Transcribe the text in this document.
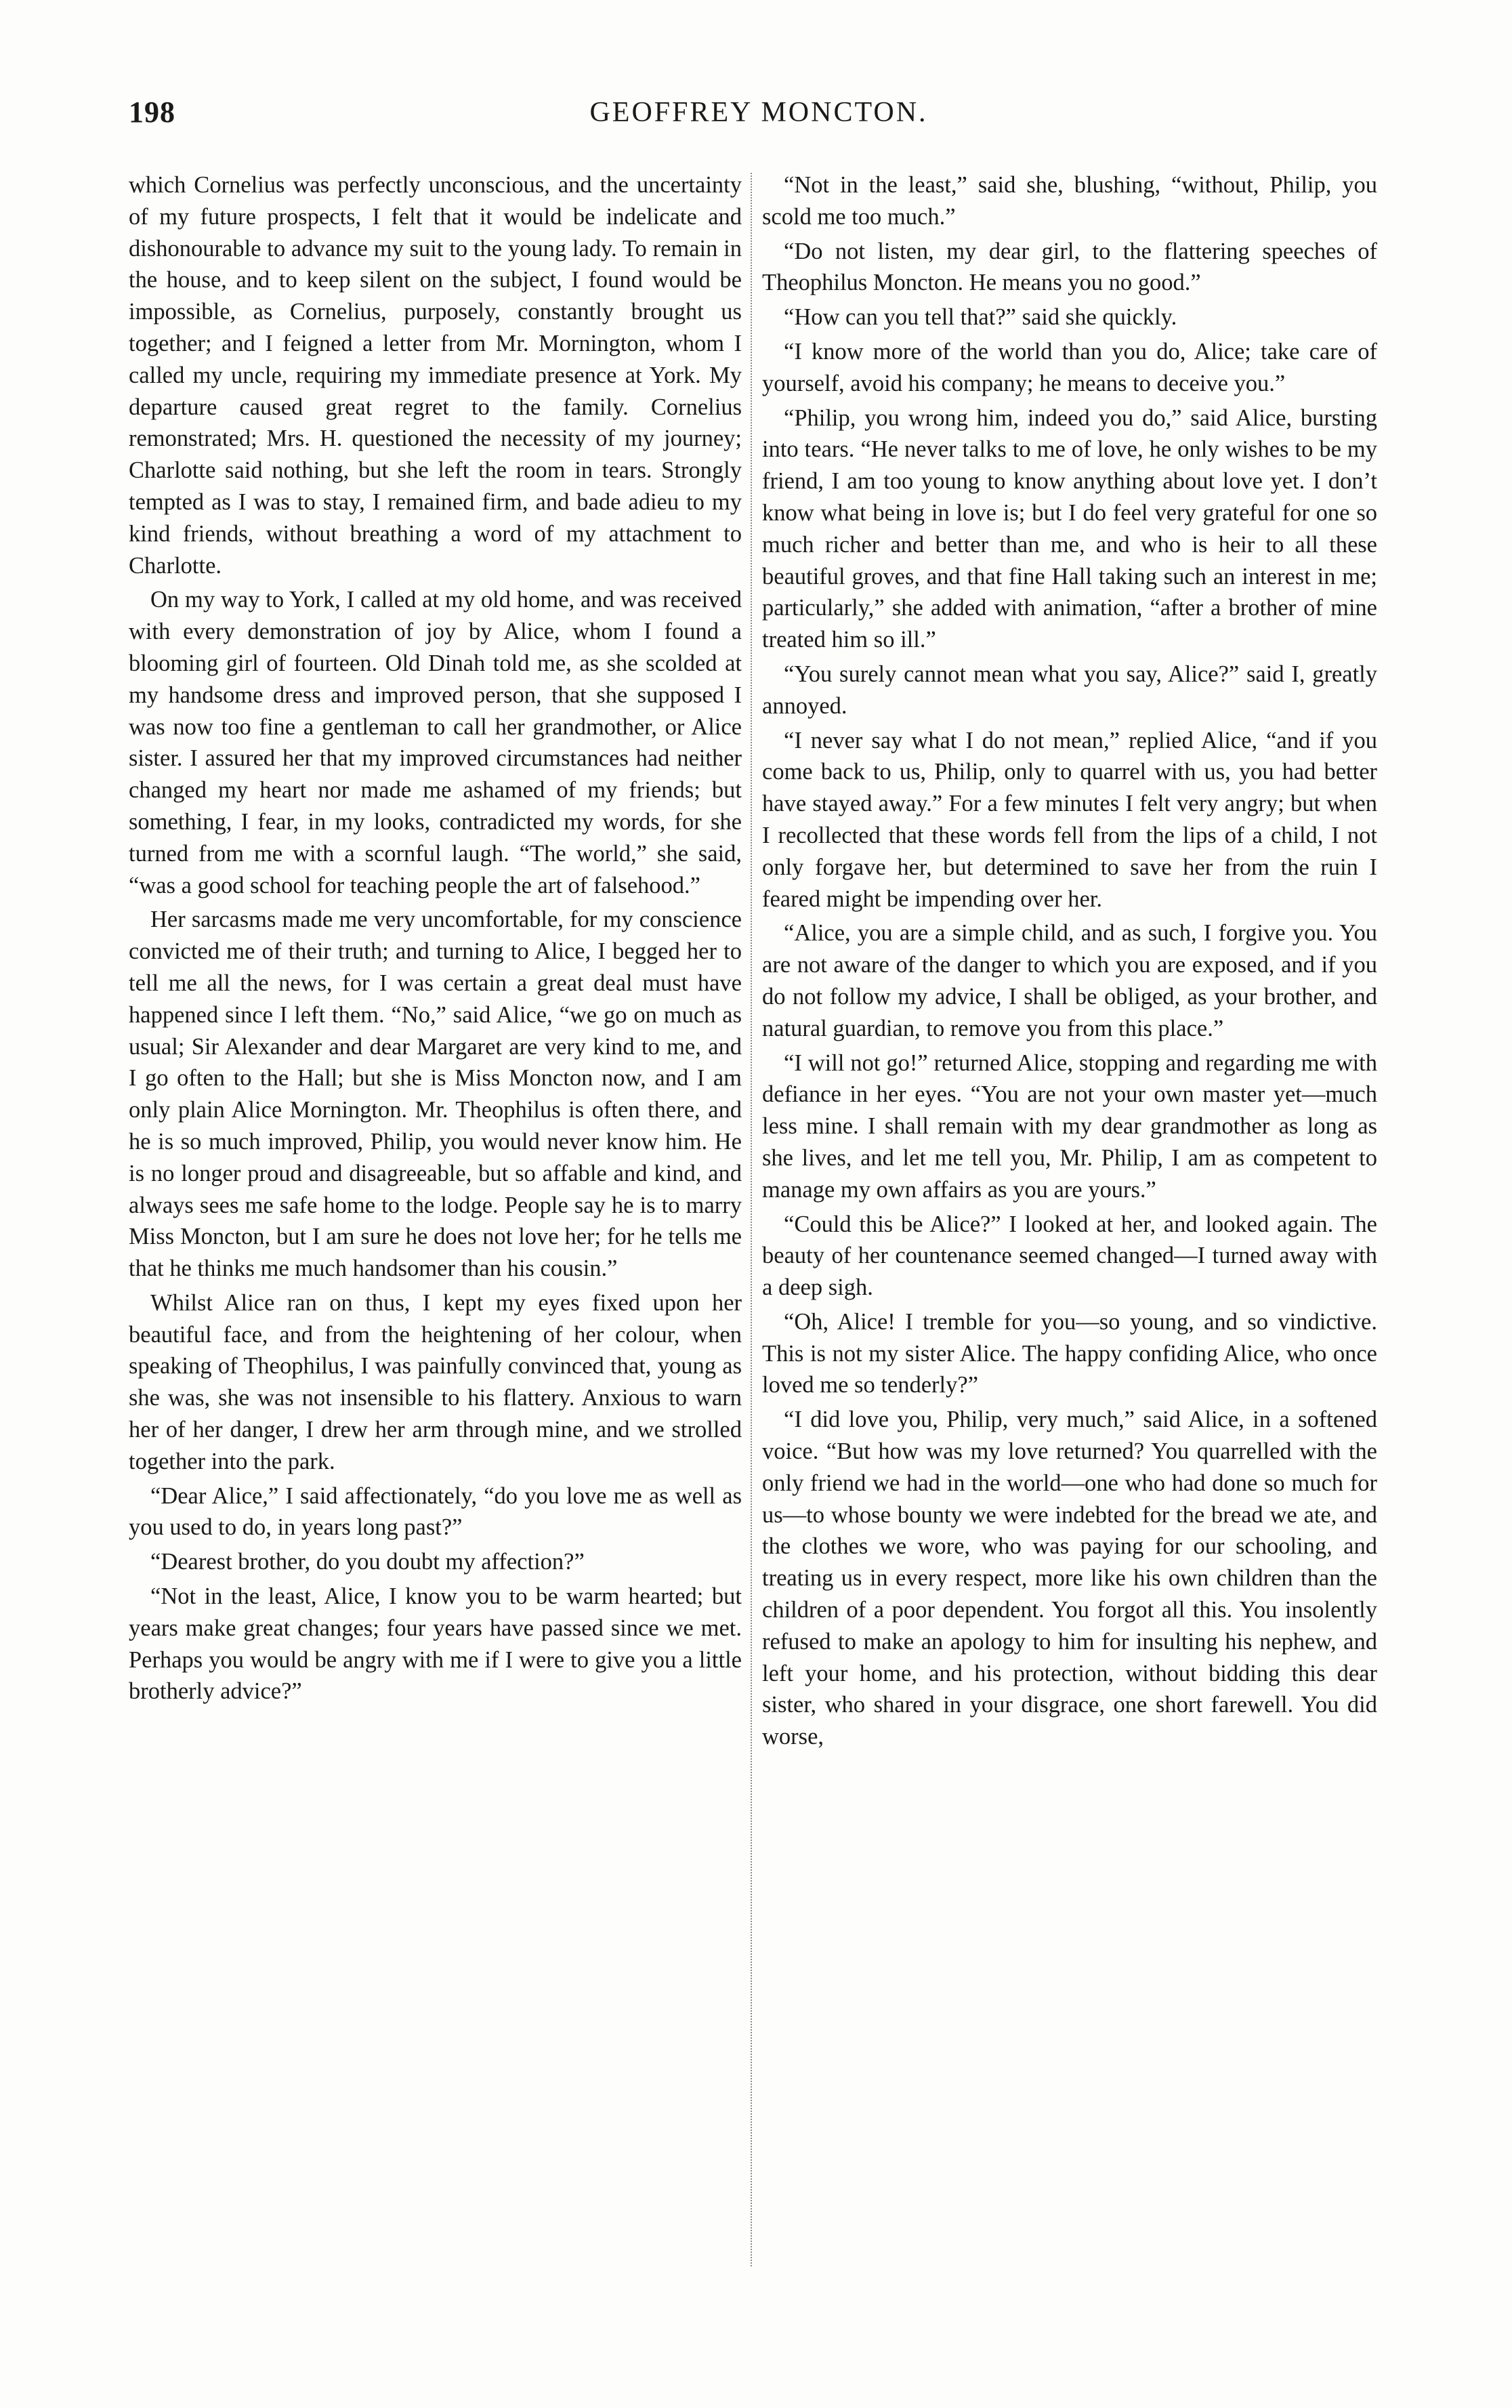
198	GEOFFREY MONCTON.

which Cornelius was perfectly unconscious, and the uncertainty of my future prospects, I felt that it would be indelicate and dishonourable to advance my suit to the young lady. To remain in the house, and to keep silent on the subject, I found would be impossible, as Cornelius, purposely, constantly brought us together; and I feigned a letter from Mr. Mornington, whom I called my uncle, requiring my immediate presence at York. My departure caused great regret to the family. Cornelius remonstrated; Mrs. H. questioned the necessity of my journey; Charlotte said nothing, but she left the room in tears. Strongly tempted as I was to stay, I remained firm, and bade adieu to my kind friends, without breathing a word of my attachment to Charlotte.

On my way to York, I called at my old home, and was received with every demonstration of joy by Alice, whom I found a blooming girl of fourteen. Old Dinah told me, as she scolded at my handsome dress and improved person, that she supposed I was now too fine a gentleman to call her grandmother, or Alice sister. I assured her that my improved circumstances had neither changed my heart nor made me ashamed of my friends; but something, I fear, in my looks, contradicted my words, for she turned from me with a scornful laugh. “The world,” she said, “was a good school for teaching people the art of falsehood.”

Her sarcasms made me very uncomfortable, for my conscience convicted me of their truth; and turning to Alice, I begged her to tell me all the news, for I was certain a great deal must have happened since I left them. “No,” said Alice, “we go on much as usual; Sir Alexander and dear Margaret are very kind to me, and I go often to the Hall; but she is Miss Moncton now, and I am only plain Alice Mornington. Mr. Theophilus is often there, and he is so much improved, Philip, you would never know him. He is no longer proud and disagreeable, but so affable and kind, and always sees me safe home to the lodge. People say he is to marry Miss Moncton, but I am sure he does not love her; for he tells me that he thinks me much handsomer than his cousin.”

Whilst Alice ran on thus, I kept my eyes fixed upon her beautiful face, and from the heightening of her colour, when speaking of Theophilus, I was painfully convinced that, young as she was, she was not insensible to his flattery. Anxious to warn her of her danger, I drew her arm through mine, and we strolled together into the park.

“Dear Alice,” I said affectionately, “do you love me as well as you used to do, in years long past?”

“Dearest brother, do you doubt my affection?”

“Not in the least, Alice, I know you to be warm hearted; but years make great changes; four years have passed since we met. Perhaps you would be angry with me if I were to give you a little brotherly advice?”

“Not in the least,” said she, blushing, “without, Philip, you scold me too much.”

“Do not listen, my dear girl, to the flattering speeches of Theophilus Moncton. He means you no good.”

“How can you tell that?” said she quickly.

“I know more of the world than you do, Alice; take care of yourself, avoid his company; he means to deceive you.”

“Philip, you wrong him, indeed you do,” said Alice, bursting into tears. “He never talks to me of love, he only wishes to be my friend, I am too young to know anything about love yet. I don’t know what being in love is; but I do feel very grateful for one so much richer and better than me, and who is heir to all these beautiful groves, and that fine Hall taking such an interest in me; particularly,” she added with animation, “after a brother of mine treated him so ill.”

“You surely cannot mean what you say, Alice?” said I, greatly annoyed.

“I never say what I do not mean,” replied Alice, “and if you come back to us, Philip, only to quarrel with us, you had better have stayed away.” For a few minutes I felt very angry; but when I recollected that these words fell from the lips of a child, I not only forgave her, but determined to save her from the ruin I feared might be impending over her.

“Alice, you are a simple child, and as such, I forgive you. You are not aware of the danger to which you are exposed, and if you do not follow my advice, I shall be obliged, as your brother, and natural guardian, to remove you from this place.”

“I will not go!” returned Alice, stopping and regarding me with defiance in her eyes. “You are not your own master yet—much less mine. I shall remain with my dear grandmother as long as she lives, and let me tell you, Mr. Philip, I am as competent to manage my own affairs as you are yours.”

“Could this be Alice?” I looked at her, and looked again. The beauty of her countenance seemed changed—I turned away with a deep sigh.

“Oh, Alice! I tremble for you—so young, and so vindictive. This is not my sister Alice. The happy confiding Alice, who once loved me so tenderly?”

“I did love you, Philip, very much,” said Alice, in a softened voice. “But how was my love returned? You quarrelled with the only friend we had in the world—one who had done so much for us—to whose bounty we were indebted for the bread we ate, and the clothes we wore, who was paying for our schooling, and treating us in every respect, more like his own children than the children of a poor dependent. You forgot all this. You insolently refused to make an apology to him for insulting his nephew, and left your home, and his protection, without bidding this dear sister, who shared in your disgrace, one short farewell. You did worse,
